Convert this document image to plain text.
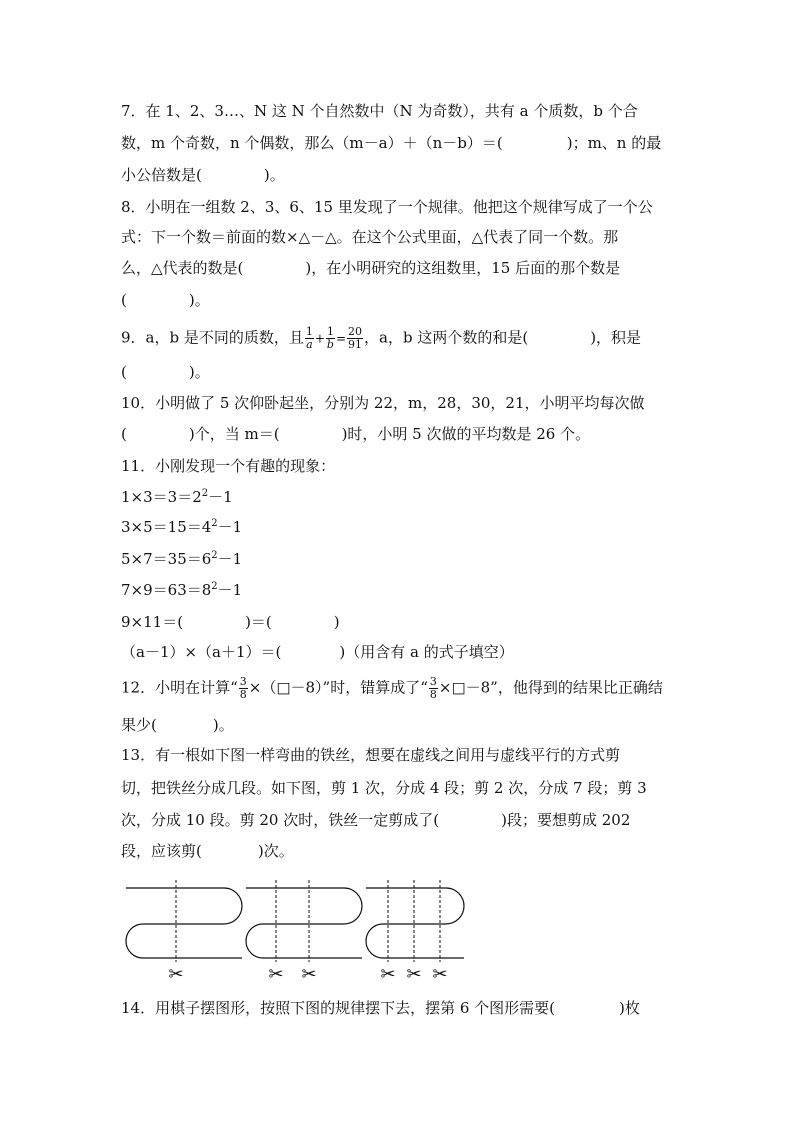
7．在 1、2、3…、N 这 N 个自然数中（N 为奇数），共有 a 个质数，b 个合
数，m 个奇数，n 个偶数，那么（m－a）＋（n－b）＝(	)；m、n 的最
小公倍数是(	)。
8．小明在一组数 2、3、6、15 里发现了一个规律。他把这个规律写成了一个公
式：下一个数＝前面的数×△－△。在这个公式里面，△代表了同一个数。那
么，△代表的数是(	)，在小明研究的这组数里，15 后面的那个数是
(	)。
9．a，b 是不同的质数，且 $\frac{1}{a} + \frac{1}{b} = \frac{20}{91}$ ，a，b 这两个数的和是(	)，积是
(	)。
10．小明做了 5 次仰卧起坐，分别为 22，m，28，30，21，小明平均每次做
(	)个，当 m＝(	)时，小明 5 次做的平均数是 26 个。
11．小刚发现一个有趣的现象：
$1\times 3=3=2^2-1$
$3\times 5=15=4^2-1$
$5\times 7=35=6^2-1$
$7\times 9=63=8^2-1$
9×11＝(	)＝(	)
（a－1）×（a＋1）＝(	)（用含有 a 的式子填空）
12．小明在计算“ $\frac{3}{8}$ ×（□－8）”时，错算成了“ $\frac{3}{8}$ ×□－8”，他得到的结果比正确结
果少(	)。
13．有一根如下图一样弯曲的铁丝，想要在虚线之间用与虚线平行的方式剪
切，把铁丝分成几段。如下图，剪 1 次，分成 4 段；剪 2 次，分成 7 段；剪 3
次，分成 10 段。剪 20 次时，铁丝一定剪成了(	)段；要想剪成 202
段，应该剪(	)次。
✂	✂ ✂	✂ ✂ ✂
14．用棋子摆图形，按照下图的规律摆下去，摆第 6 个图形需要(	)枚
